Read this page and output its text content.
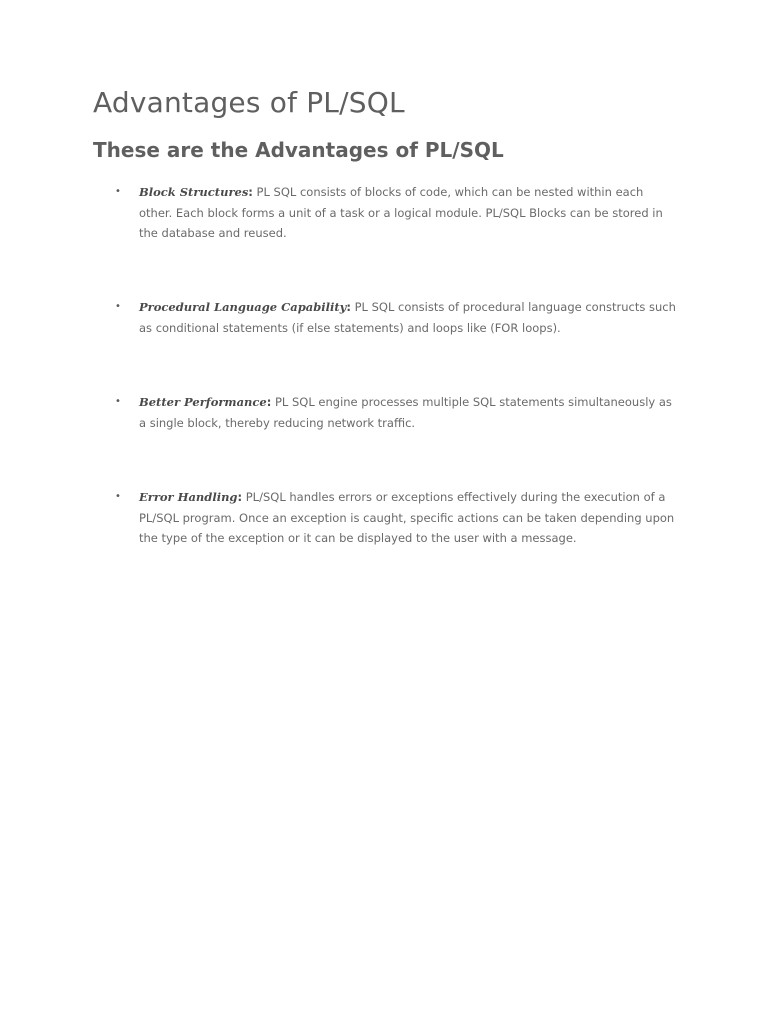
Advantages of PL/SQL
These are the Advantages of PL/SQL
• Block Structures: PL SQL consists of blocks of code, which can be nested within each other. Each block forms a unit of a task or a logical module. PL/SQL Blocks can be stored in the database and reused.
• Procedural Language Capability: PL SQL consists of procedural language constructs such as conditional statements (if else statements) and loops like (FOR loops).
• Better Performance: PL SQL engine processes multiple SQL statements simultaneously as a single block, thereby reducing network traffic.
• Error Handling: PL/SQL handles errors or exceptions effectively during the execution of a PL/SQL program. Once an exception is caught, specific actions can be taken depending upon the type of the exception or it can be displayed to the user with a message.
